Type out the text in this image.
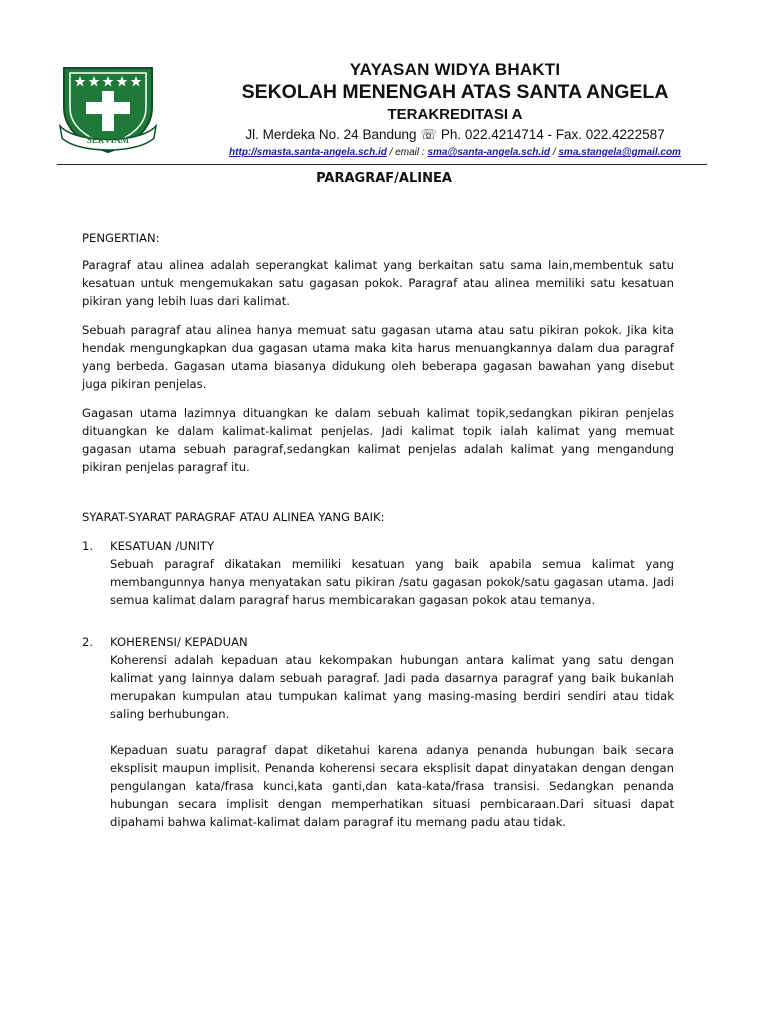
SERVIAM
YAYASAN WIDYA BHAKTI
SEKOLAH MENENGAH ATAS SANTA ANGELA
TERAKREDITASI A
Jl. Merdeka No. 24 Bandung ☏ Ph. 022.4214714 - Fax. 022.4222587
http://smasta.santa-angela.sch.id / email : sma@santa-angela.sch.id / sma.stangela@gmail.com
PARAGRAF/ALINEA
PENGERTIAN:

Paragraf atau alinea adalah seperangkat kalimat yang berkaitan satu sama lain,membentuk satu kesatuan untuk mengemukakan satu gagasan pokok. Paragraf atau alinea memiliki satu kesatuan pikiran yang lebih luas dari kalimat.

Sebuah paragraf atau alinea hanya memuat satu gagasan utama atau satu pikiran pokok. Jika kita hendak mengungkapkan dua gagasan utama maka kita harus menuangkannya dalam dua paragraf yang berbeda. Gagasan utama biasanya didukung oleh beberapa gagasan bawahan yang disebut juga pikiran penjelas.

Gagasan utama lazimnya dituangkan ke dalam sebuah kalimat topik,sedangkan pikiran penjelas dituangkan ke dalam kalimat-kalimat penjelas. Jadi kalimat topik ialah kalimat yang memuat gagasan utama sebuah paragraf,sedangkan kalimat penjelas adalah kalimat yang mengandung pikiran penjelas paragraf itu.

SYARAT-SYARAT PARAGRAF ATAU ALINEA YANG BAIK:
1.	KESATUAN /UNITY

Sebuah paragraf dikatakan memiliki kesatuan yang baik apabila semua kalimat yang membangunnya hanya menyatakan satu pikiran /satu gagasan pokok/satu gagasan utama. Jadi semua kalimat dalam paragraf harus membicarakan gagasan pokok atau temanya.

2.	KOHERENSI/ KEPADUAN

Koherensi adalah kepaduan atau kekompakan hubungan antara kalimat yang satu dengan kalimat yang lainnya dalam sebuah paragraf. Jadi pada dasarnya paragraf yang baik bukanlah merupakan kumpulan atau tumpukan kalimat yang masing-masing berdiri sendiri atau tidak saling berhubungan.

Kepaduan suatu paragraf dapat diketahui karena adanya penanda hubungan baik secara eksplisit maupun implisit. Penanda koherensi secara eksplisit dapat dinyatakan dengan dengan pengulangan kata/frasa kunci,kata ganti,dan kata-kata/frasa transisi. Sedangkan penanda hubungan secara implisit dengan memperhatikan situasi pembicaraan.Dari situasi dapat dipahami bahwa kalimat-kalimat dalam paragraf itu memang padu atau tidak.
